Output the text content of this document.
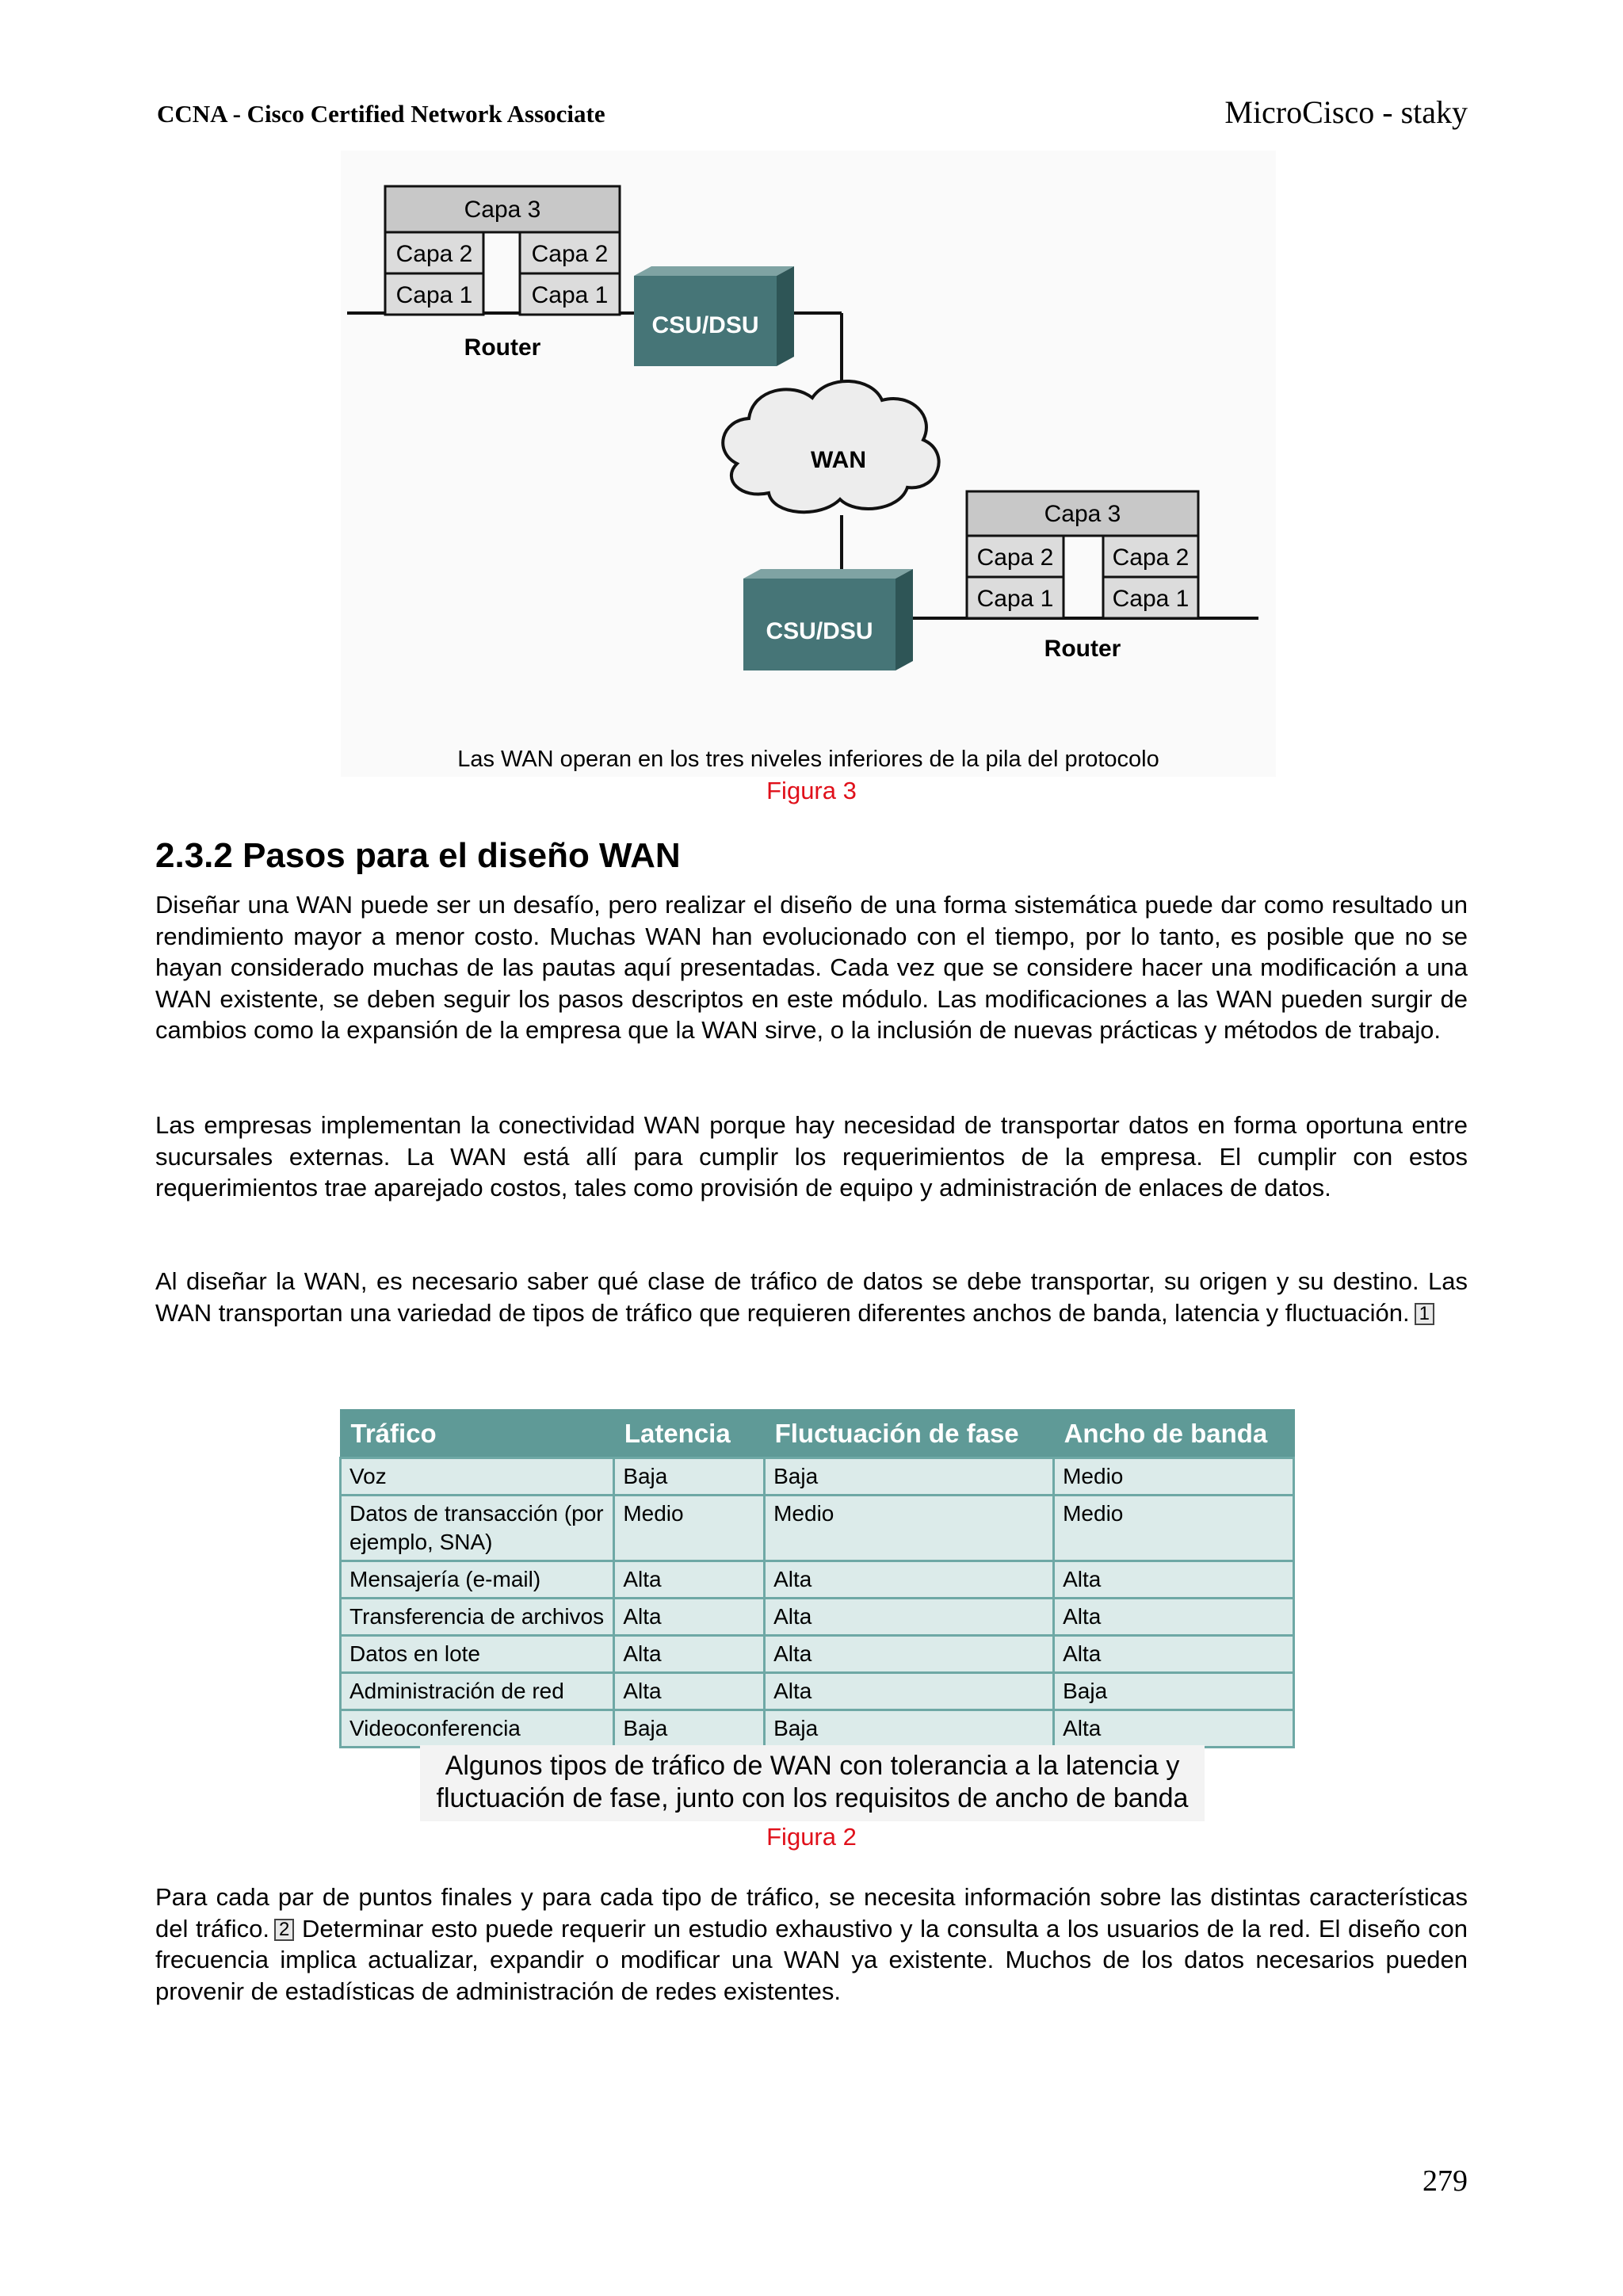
CCNA - Cisco Certified Network Associate	MicroCisco - staky
Capa 3
Capa 2 Capa 2
Capa 1 Capa 1
Router
CSU/DSU
WAN
CSU/DSU
Capa 3
Capa 2 Capa 2
Capa 1 Capa 1
Router
Las WAN operan en los tres niveles inferiores de la pila del protocolo
Figura 3
2.3.2 Pasos para el diseño WAN
Diseñar una WAN puede ser un desafío, pero realizar el diseño de una forma sistemática puede dar como resultado un rendimiento mayor a menor costo. Muchas WAN han evolucionado con el tiempo, por lo tanto, es posible que no se hayan considerado muchas de las pautas aquí presentadas. Cada vez que se considere hacer una modificación a una WAN existente, se deben seguir los pasos descriptos en este módulo. Las modificaciones a las WAN pueden surgir de cambios como la expansión de la empresa que la WAN sirve, o la inclusión de nuevas prácticas y métodos de trabajo.
Las empresas implementan la conectividad WAN porque hay necesidad de transportar datos en forma oportuna entre sucursales externas. La WAN está allí para cumplir los requerimientos de la empresa. El cumplir con estos requerimientos trae aparejado costos, tales como provisión de equipo y administración de enlaces de datos.
Al diseñar la WAN, es necesario saber qué clase de tráfico de datos se debe transportar, su origen y su destino. Las WAN transportan una variedad de tipos de tráfico que requieren diferentes anchos de banda, latencia y fluctuación. 1
Tráfico	Latencia	Fluctuación de fase	Ancho de banda
Voz	Baja	Baja	Medio
Datos de transacción (por ejemplo, SNA)	Medio	Medio	Medio
Mensajería (e-mail)	Alta	Alta	Alta
Transferencia de archivos	Alta	Alta	Alta
Datos en lote	Alta	Alta	Alta
Administración de red	Alta	Alta	Baja
Videoconferencia	Baja	Baja	Alta
Algunos tipos de tráfico de WAN con tolerancia a la latencia y fluctuación de fase, junto con los requisitos de ancho de banda
Figura 2
Para cada par de puntos finales y para cada tipo de tráfico, se necesita información sobre las distintas características del tráfico. 2 Determinar esto puede requerir un estudio exhaustivo y la consulta a los usuarios de la red. El diseño con frecuencia implica actualizar, expandir o modificar una WAN ya existente. Muchos de los datos necesarios pueden provenir de estadísticas de administración de redes existentes.
279
